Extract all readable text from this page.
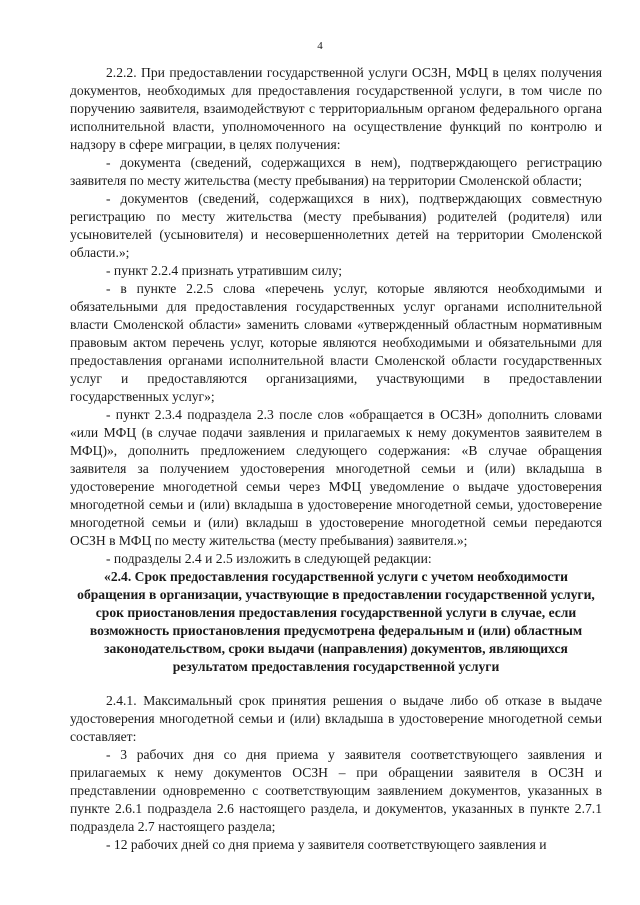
4

2.2.2. При предоставлении государственной услуги ОСЗН, МФЦ в целях получения документов, необходимых для предоставления государственной услуги, в том числе по поручению заявителя, взаимодействуют с территориальным органом федерального органа исполнительной власти, уполномоченного на осуществление функций по контролю и надзору в сфере миграции, в целях получения:

- документа (сведений, содержащихся в нем), подтверждающего регистрацию заявителя по месту жительства (месту пребывания) на территории Смоленской области;

- документов (сведений, содержащихся в них), подтверждающих совместную регистрацию по месту жительства (месту пребывания) родителей (родителя) или усыновителей (усыновителя) и несовершеннолетних детей на территории Смоленской области.»;

- пункт 2.2.4 признать утратившим силу;

- в пункте 2.2.5 слова «перечень услуг, которые являются необходимыми и обязательными для предоставления государственных услуг органами исполнительной власти Смоленской области» заменить словами «утвержденный областным нормативным правовым актом перечень услуг, которые являются необходимыми и обязательными для предоставления органами исполнительной власти Смоленской области государственных услуг и предоставляются организациями, участвующими в предоставлении государственных услуг»;

- пункт 2.3.4 подраздела 2.3 после слов «обращается в ОСЗН» дополнить словами «или МФЦ (в случае подачи заявления и прилагаемых к нему документов заявителем в МФЦ)», дополнить предложением следующего содержания: «В случае обращения заявителя за получением удостоверения многодетной семьи и (или) вкладыша в удостоверение многодетной семьи через МФЦ уведомление о выдаче удостоверения многодетной семьи и (или) вкладыша в удостоверение многодетной семьи, удостоверение многодетной семьи и (или) вкладыш в удостоверение многодетной семьи передаются ОСЗН в МФЦ по месту жительства (месту пребывания) заявителя.»;

- подразделы 2.4 и 2.5 изложить в следующей редакции:

«2.4. Срок предоставления государственной услуги с учетом необходимости обращения в организации, участвующие в предоставлении государственной услуги, срок приостановления предоставления государственной услуги в случае, если возможность приостановления предусмотрена федеральным и (или) областным законодательством, сроки выдачи (направления) документов, являющихся результатом предоставления государственной услуги

2.4.1. Максимальный срок принятия решения о выдаче либо об отказе в выдаче удостоверения многодетной семьи и (или) вкладыша в удостоверение многодетной семьи составляет:

- 3 рабочих дня со дня приема у заявителя соответствующего заявления и прилагаемых к нему документов ОСЗН – при обращении заявителя в ОСЗН и представлении одновременно с соответствующим заявлением документов, указанных в пункте 2.6.1 подраздела 2.6 настоящего раздела, и документов, указанных в пункте 2.7.1 подраздела 2.7 настоящего раздела;

- 12 рабочих дней со дня приема у заявителя соответствующего заявления и
